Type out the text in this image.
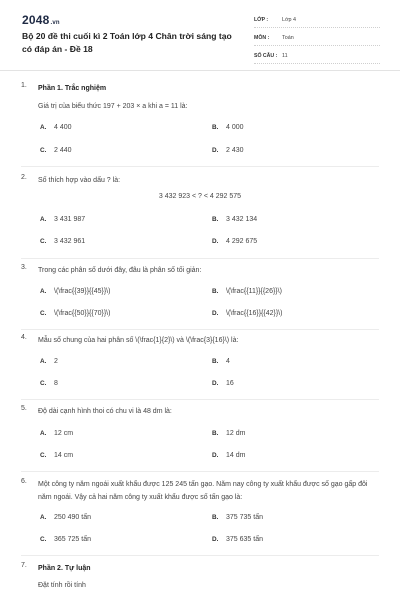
2048.vn
Bộ 20 đề thi cuối kì 2 Toán lớp 4 Chân trời sáng tạo có đáp án - Đề 18
LỚP :	Lớp 4
MÔN :	Toán
SỐ CÂU : 11
1. Phần 1. Trắc nghiệm
Giá trị của biểu thức 197 + 203 × a khi a = 11 là:
A.	4 400	B.	4 000
C.	2 440	D.	2 430
2. Số thích hợp vào dấu ? là:
3 432 923 < ? < 4 292 575
A.	3 431 987	B.	3 432 134
C.	3 432 961	D.	4 292 675
3. Trong các phân số dưới đây, đâu là phân số tối giản:
A.	\(\frac{{39}}{{45}}\)	B.	\(\frac{{11}}{{26}}\)
C.	\(\frac{{50}}{{70}}\)	D.	\(\frac{{16}}{{42}}\)
4. Mẫu số chung của hai phân số \(\frac{1}{2}\) và \(\frac{3}{16}\) là:
A.	2	B.	4
C.	8	D.	16
5. Độ dài cạnh hình thoi có chu vi là 48 dm là:
A.	12 cm	B.	12 dm
C.	14 cm	D.	14 dm
6. Một công ty năm ngoái xuất khẩu được 125 245 tấn gạo. Năm nay công ty xuất khẩu được số gạo gấp đôi năm ngoái. Vậy cả hai năm công ty xuất khẩu được số tấn gạo là:
A.	250 490 tấn	B.	375 735 tấn
C.	365 725 tấn	D.	375 635 tấn
7. Phần 2. Tự luận
Đặt tính rồi tính
